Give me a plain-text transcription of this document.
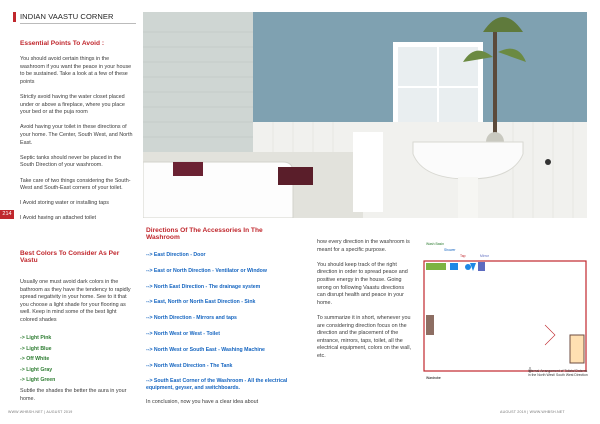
INDIAN VAASTU CORNER
Essential Points To Avoid :

You should avoid certain things in the washroom if you want the peace in your house to be sustained. Take a look at a few of these points

Strictly avoid having the water closet placed under or above a fireplace, where you place your bed or at the puja room

Avoid having your toilet in these directions of your home. The Center, South West, and North East.

Septic tanks should never be placed in the South Direction of your washroom.

Take care of two things considering the South-West and South-East corners of your toilet.

I Avoid storing water or installing taps

I Avoid having an attached toilet

214
Best Colors To Consider As Per Vastu

Usually one must avoid dark colors in the bathroom as they have the tendency to rapidly spread negativity in your home. See to it that you choose a light shade for your flooring as well. Keep in mind some of the best light colored shades

-> Light Pink
-> Light Blue
-> Off White
-> Light Gray
-> Light Green

Subtle the shades the better the aura in your home.

Directions Of The Accessories In The Washroom
--> East Direction - Door
--> East or North Direction - Ventilator or Window
--> North East Direction - The drainage system
--> East, North or North East Direction - Sink
--> North Direction - Mirrors and taps
--> North West or West - Toilet
--> North West or South East - Washing Machine
--> North West Direction - The Tank
--> South East Corner of the Washroom - All the electrical equipment, geyser, and switchboards.

In conclusion, now you have a clear idea about

how every direction in the washroom is meant for a specific purpose.

You should keep track of the right direction in order to spread peace and positive energy in the house. Going wrong on following Vaastu directions can disrupt health and peace in your home.

To summarize it in short, whenever you are considering direction focus on the direction and the placement of the entrance, mirrors, taps, toilet, all the electrical equipment, colors on the wall, etc.

Wash Basin
Shower
Tap	Mirror
Wardrobe
Internal Arrangement of Toilets/Cisterns in the North West/ South West Direction
WWW.WHBSH.NET | AUGUST 2019	AUGUST 2019 | WWW.WHBSH.NET
